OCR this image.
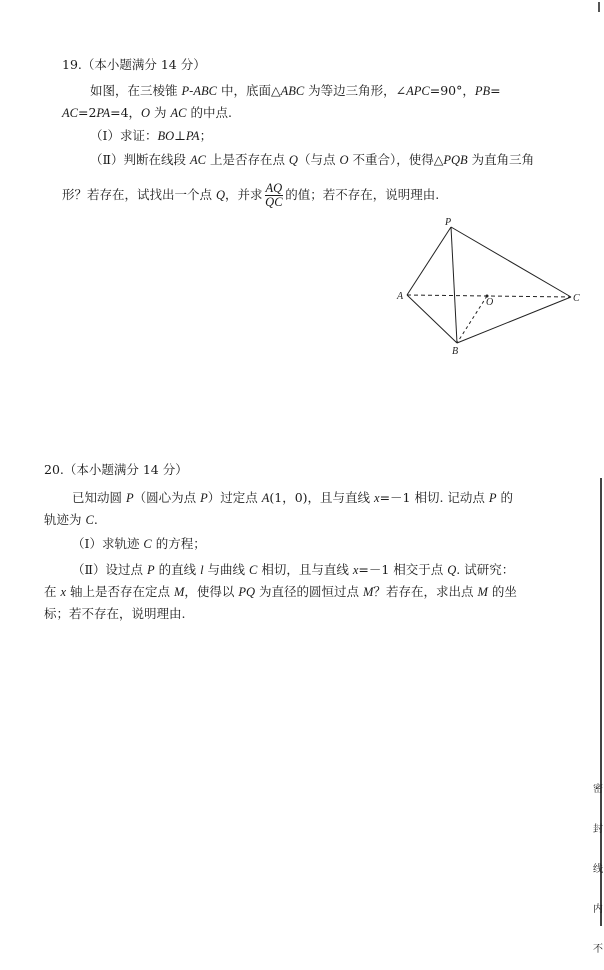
19.（本小题满分 14 分）
如图，在三棱锥 P-ABC 中，底面△ABC 为等边三角形，∠APC=90°，PB=
AC=2PA=4，O 为 AC 的中点.
（Ⅰ）求证：BO⊥PA；
（Ⅱ）判断在线段 AC 上是否存在点 Q（与点 O 不重合），使得△PQB 为直角三角
形？若存在，试找出一个点 Q，并求 $\frac{AQ}{QC}$ 的值；若不存在，说明理由.
P
A	C
B
O
20.（本小题满分 14 分）
已知动圆 P（圆心为点 P）过定点 A(1，0)，且与直线 x=－1 相切. 记动点 P 的
轨迹为 C.
（Ⅰ）求轨迹 C 的方程；
（Ⅱ）设过点 P 的直线 l 与曲线 C 相切，且与直线 x=－1 相交于点 Q. 试研究：
在 x 轴上是否存在定点 M，使得以 PQ 为直径的圆恒过点 M？若存在，求出点 M 的坐
标；若不存在，说明理由.
密
封
线
内
不
